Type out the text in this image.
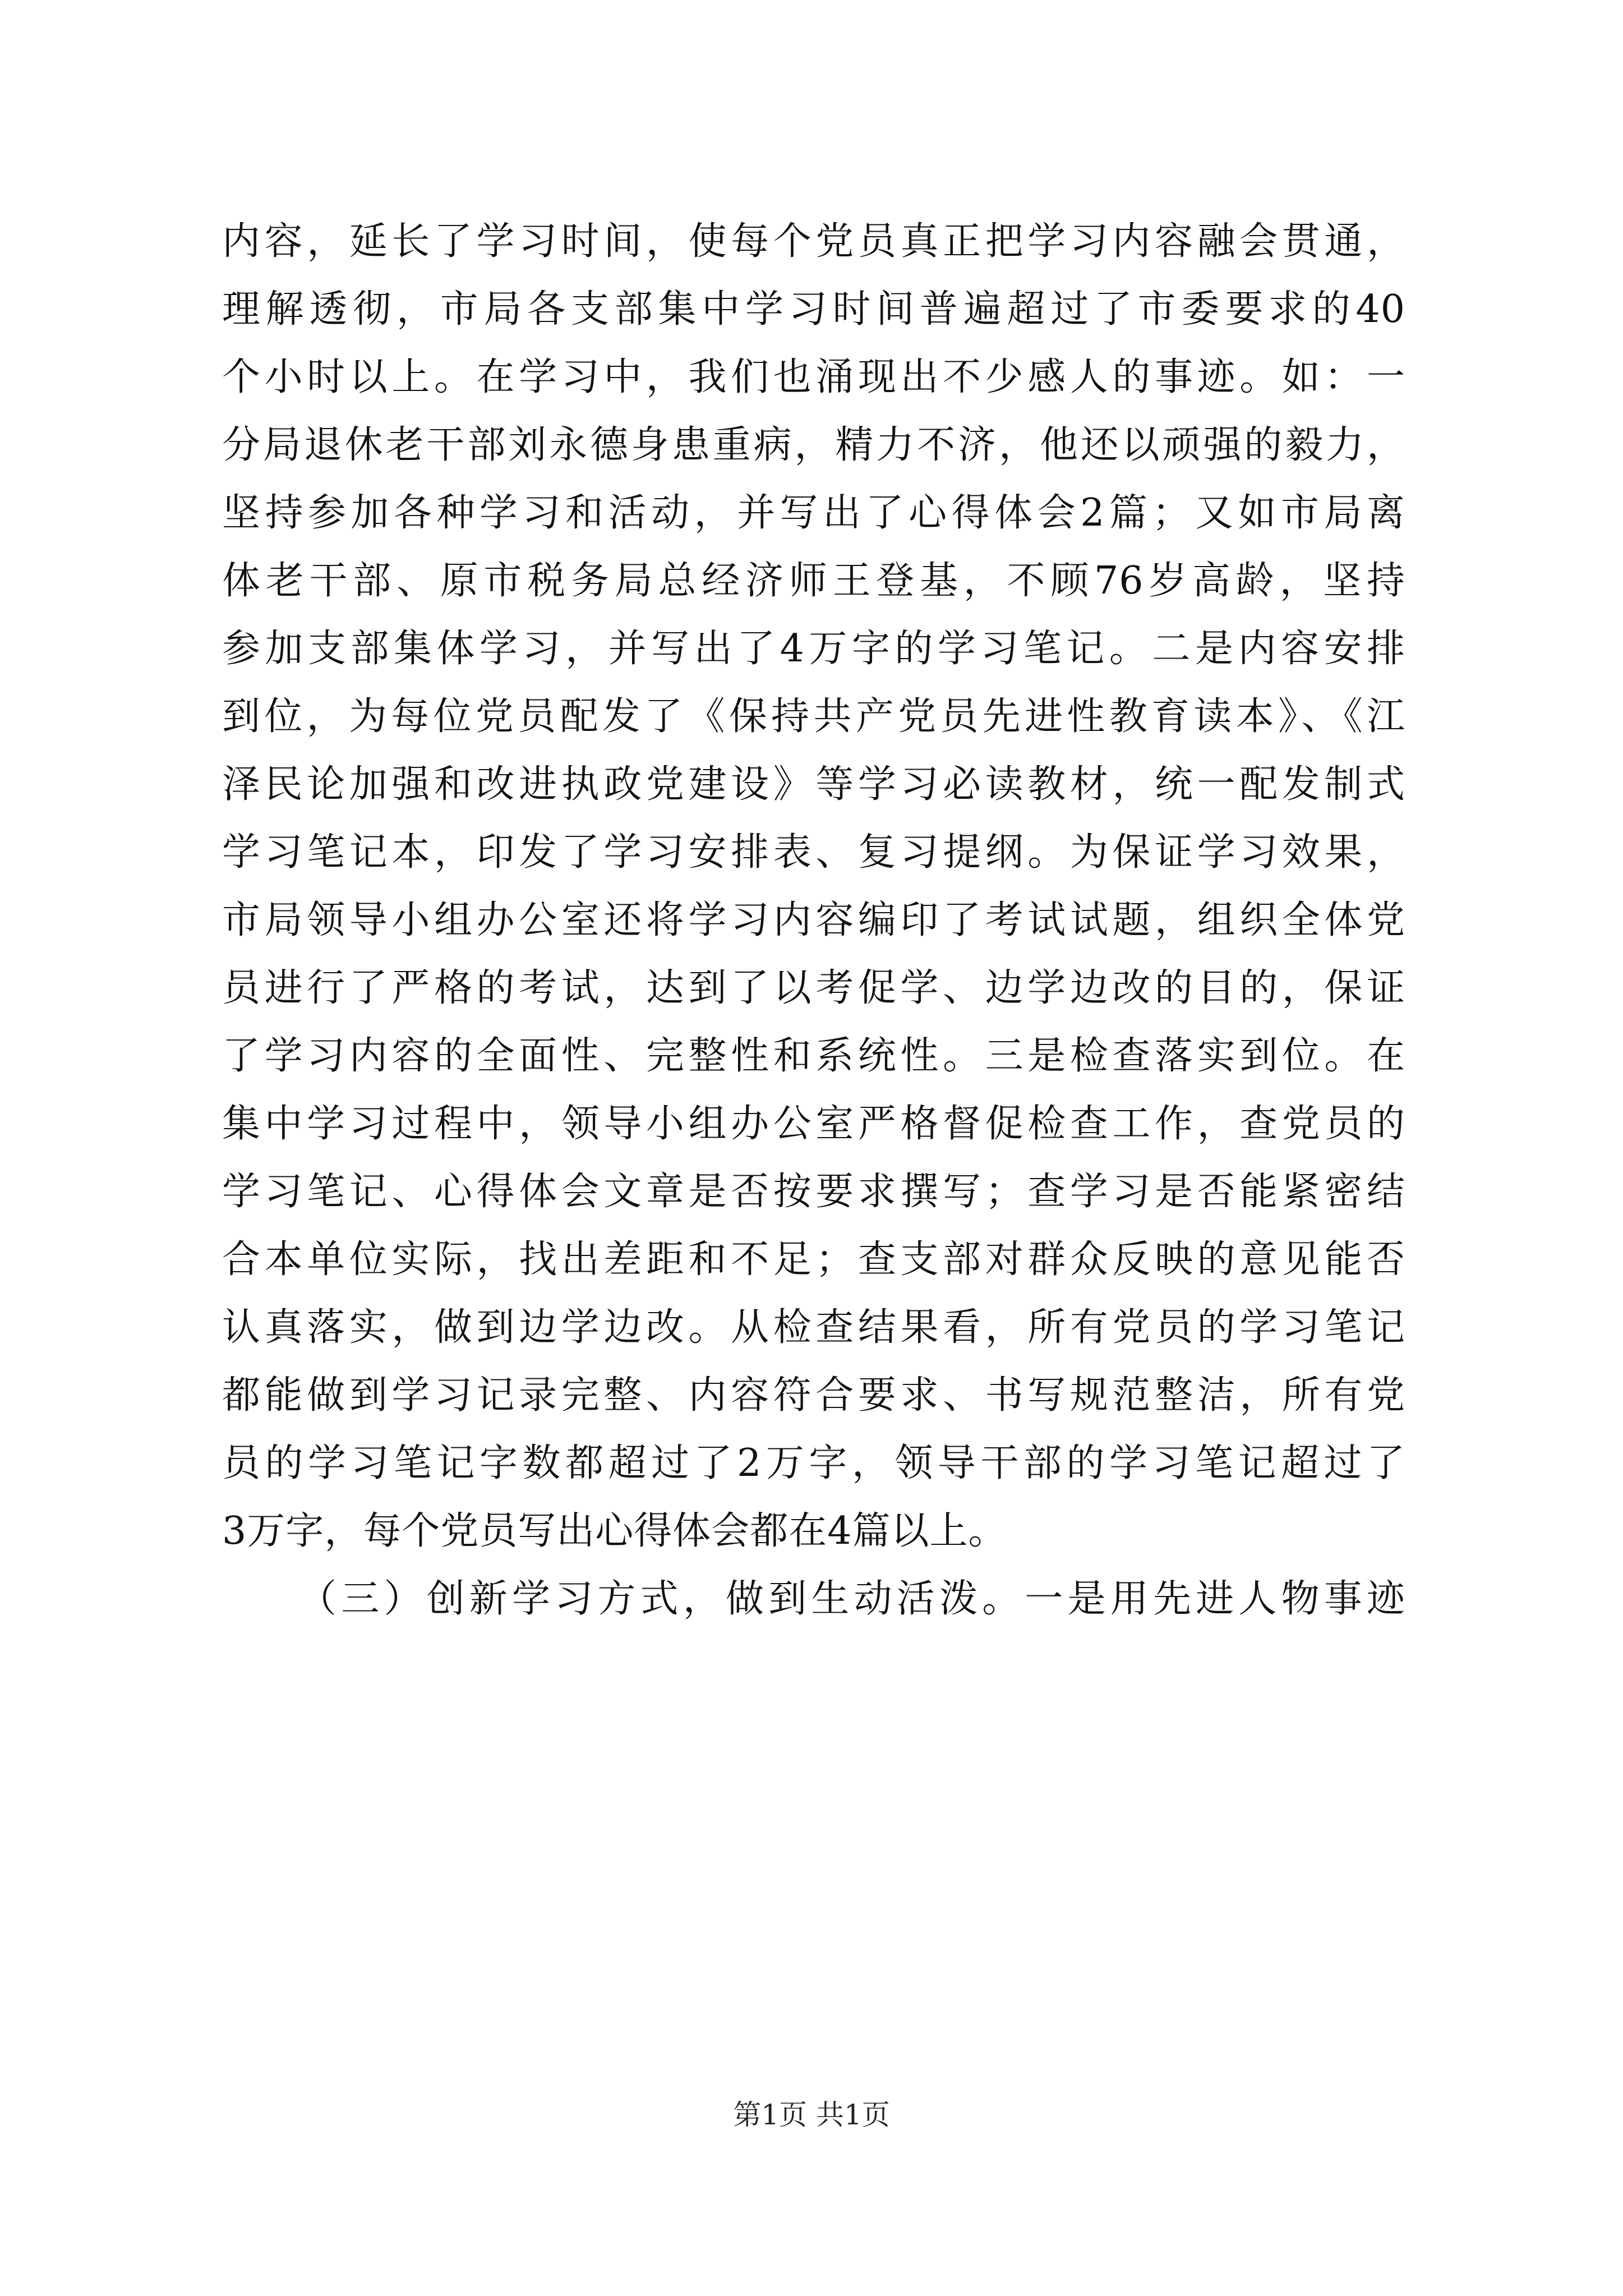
内容，延长了学习时间，使每个党员真正把学习内容融会贯通，
理解透彻，市局各支部集中学习时间普遍超过了市委要求的40
个小时以上。在学习中，我们也涌现出不少感人的事迹。如：一
分局退休老干部刘永德身患重病，精力不济，他还以顽强的毅力，
坚持参加各种学习和活动，并写出了心得体会2篇；又如市局离
体老干部、原市税务局总经济师王登基，不顾76岁高龄，坚持
参加支部集体学习，并写出了4万字的学习笔记。二是内容安排
到位，为每位党员配发了《保持共产党员先进性教育读本》、《江
泽民论加强和改进执政党建设》等学习必读教材，统一配发制式
学习笔记本，印发了学习安排表、复习提纲。为保证学习效果，
市局领导小组办公室还将学习内容编印了考试试题，组织全体党
员进行了严格的考试，达到了以考促学、边学边改的目的，保证
了学习内容的全面性、完整性和系统性。三是检查落实到位。在
集中学习过程中，领导小组办公室严格督促检查工作，查党员的
学习笔记、心得体会文章是否按要求撰写；查学习是否能紧密结
合本单位实际，找出差距和不足；查支部对群众反映的意见能否
认真落实，做到边学边改。从检查结果看，所有党员的学习笔记
都能做到学习记录完整、内容符合要求、书写规范整洁，所有党
员的学习笔记字数都超过了2万字，领导干部的学习笔记超过了
3万字，每个党员写出心得体会都在4篇以上。
（三）创新学习方式，做到生动活泼。一是用先进人物事迹
第1页 共1页
